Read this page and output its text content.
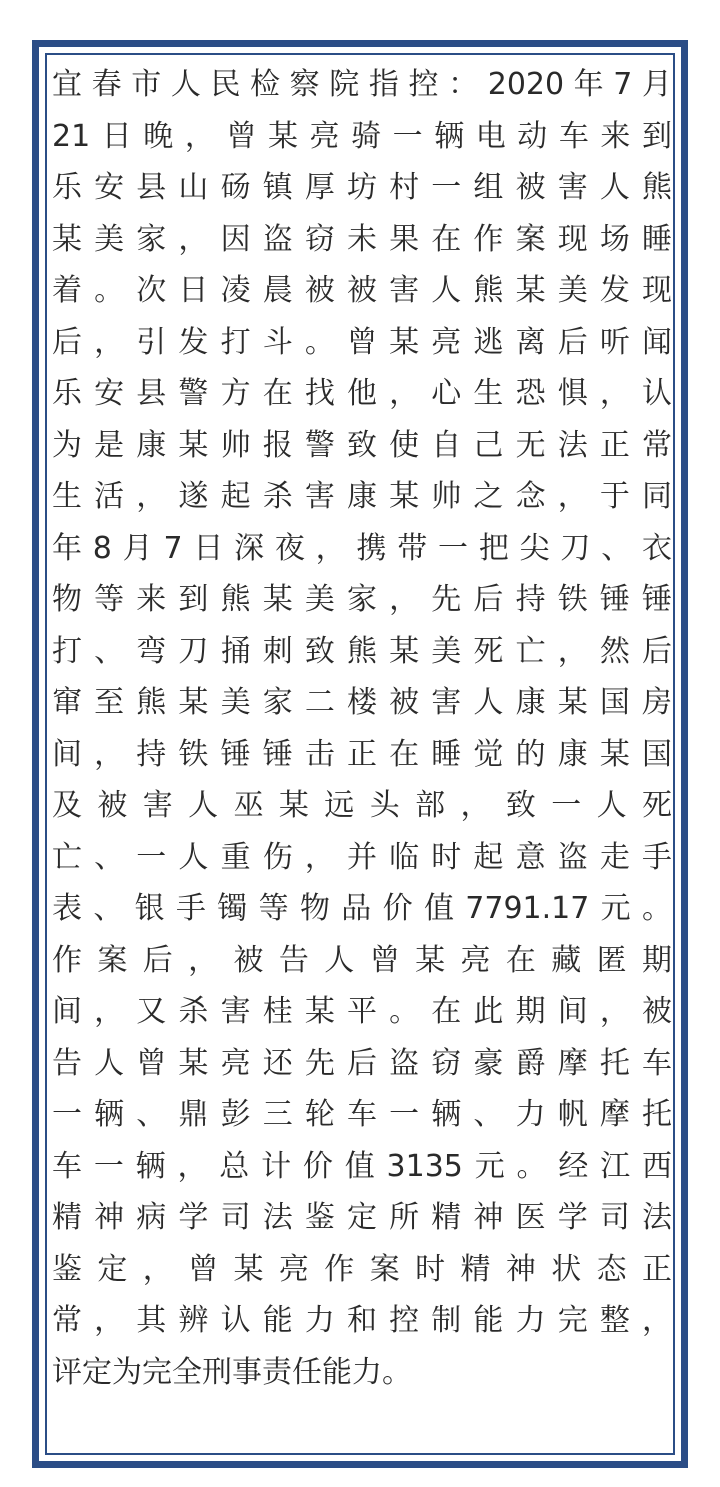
宜春市人民检察院指控：2020年7月
21日晚，曾某亮骑一辆电动车来到
乐安县山砀镇厚坊村一组被害人熊
某美家，因盗窃未果在作案现场睡
着。次日凌晨被被害人熊某美发现
后，引发打斗。曾某亮逃离后听闻
乐安县警方在找他，心生恐惧，认
为是康某帅报警致使自己无法正常
生活，遂起杀害康某帅之念，于同
年8月7日深夜，携带一把尖刀、衣
物等来到熊某美家，先后持铁锤锤
打、弯刀捅刺致熊某美死亡，然后
窜至熊某美家二楼被害人康某国房
间，持铁锤锤击正在睡觉的康某国
及被害人巫某远头部，致一人死
亡、一人重伤，并临时起意盗走手
表、银手镯等物品价值7791.17元。
作案后，被告人曾某亮在藏匿期
间，又杀害桂某平。在此期间，被
告人曾某亮还先后盗窃豪爵摩托车
一辆、鼎彭三轮车一辆、力帆摩托
车一辆，总计价值3135元。经江西
精神病学司法鉴定所精神医学司法
鉴定，曾某亮作案时精神状态正
常，其辨认能力和控制能力完整，
评定为完全刑事责任能力。
